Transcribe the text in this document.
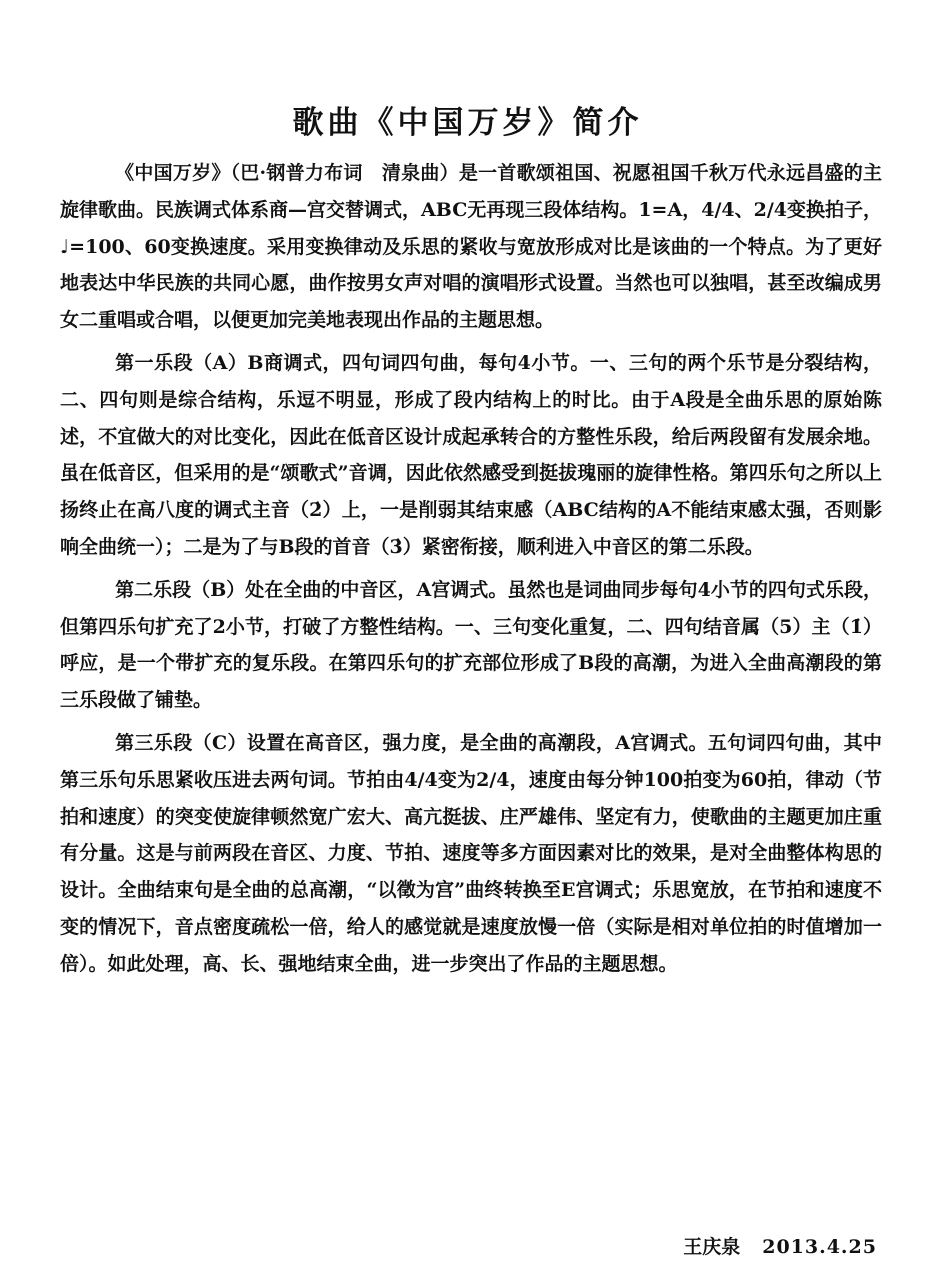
歌曲《中国万岁》简介

《中国万岁》（巴·钢普力布词　清泉曲）是一首歌颂祖国、祝愿祖国千秋万代永远昌盛的主旋律歌曲。民族调式体系商—宫交替调式，ABC无再现三段体结构。1=A，4/4、2/4变换拍子，♩=100、60变换速度。采用变换律动及乐思的紧收与宽放形成对比是该曲的一个特点。为了更好地表达中华民族的共同心愿，曲作按男女声对唱的演唱形式设置。当然也可以独唱，甚至改编成男女二重唱或合唱，以便更加完美地表现出作品的主题思想。

第一乐段（A）B商调式，四句词四句曲，每句4小节。一、三句的两个乐节是分裂结构，二、四句则是综合结构，乐逗不明显，形成了段内结构上的时比。由于A段是全曲乐思的原始陈述，不宜做大的对比变化，因此在低音区设计成起承转合的方整性乐段，给后两段留有发展余地。虽在低音区，但采用的是“颂歌式”音调，因此依然感受到挺拔瑰丽的旋律性格。第四乐句之所以上扬终止在高八度的调式主音（2̇）上，一是削弱其结束感（ABC结构的A不能结束感太强，否则影响全曲统一）；二是为了与B段的首音（3̇）紧密衔接，顺利进入中音区的第二乐段。

第二乐段（B）处在全曲的中音区，A宫调式。虽然也是词曲同步每句4小节的四句式乐段，但第四乐句扩充了2小节，打破了方整性结构。一、三句变化重复，二、四句结音属（5）主（1̇）呼应，是一个带扩充的复乐段。在第四乐句的扩充部位形成了B段的高潮，为进入全曲高潮段的第三乐段做了铺垫。

第三乐段（C）设置在高音区，强力度，是全曲的高潮段，A宫调式。五句词四句曲，其中第三乐句乐思紧收压进去两句词。节拍由4/4变为2/4，速度由每分钟100拍变为60拍，律动（节拍和速度）的突变使旋律顿然宽广宏大、高亢挺拔、庄严雄伟、坚定有力，使歌曲的主题更加庄重有分量。这是与前两段在音区、力度、节拍、速度等多方面因素对比的效果，是对全曲整体构思的设计。全曲结束句是全曲的总高潮，“以徵为宫”曲终转换至E宫调式；乐思宽放，在节拍和速度不变的情况下，音点密度疏松一倍，给人的感觉就是速度放慢一倍（实际是相对单位拍的时值增加一倍）。如此处理，高、长、强地结束全曲，进一步突出了作品的主题思想。

王庆泉 2013.4.25
